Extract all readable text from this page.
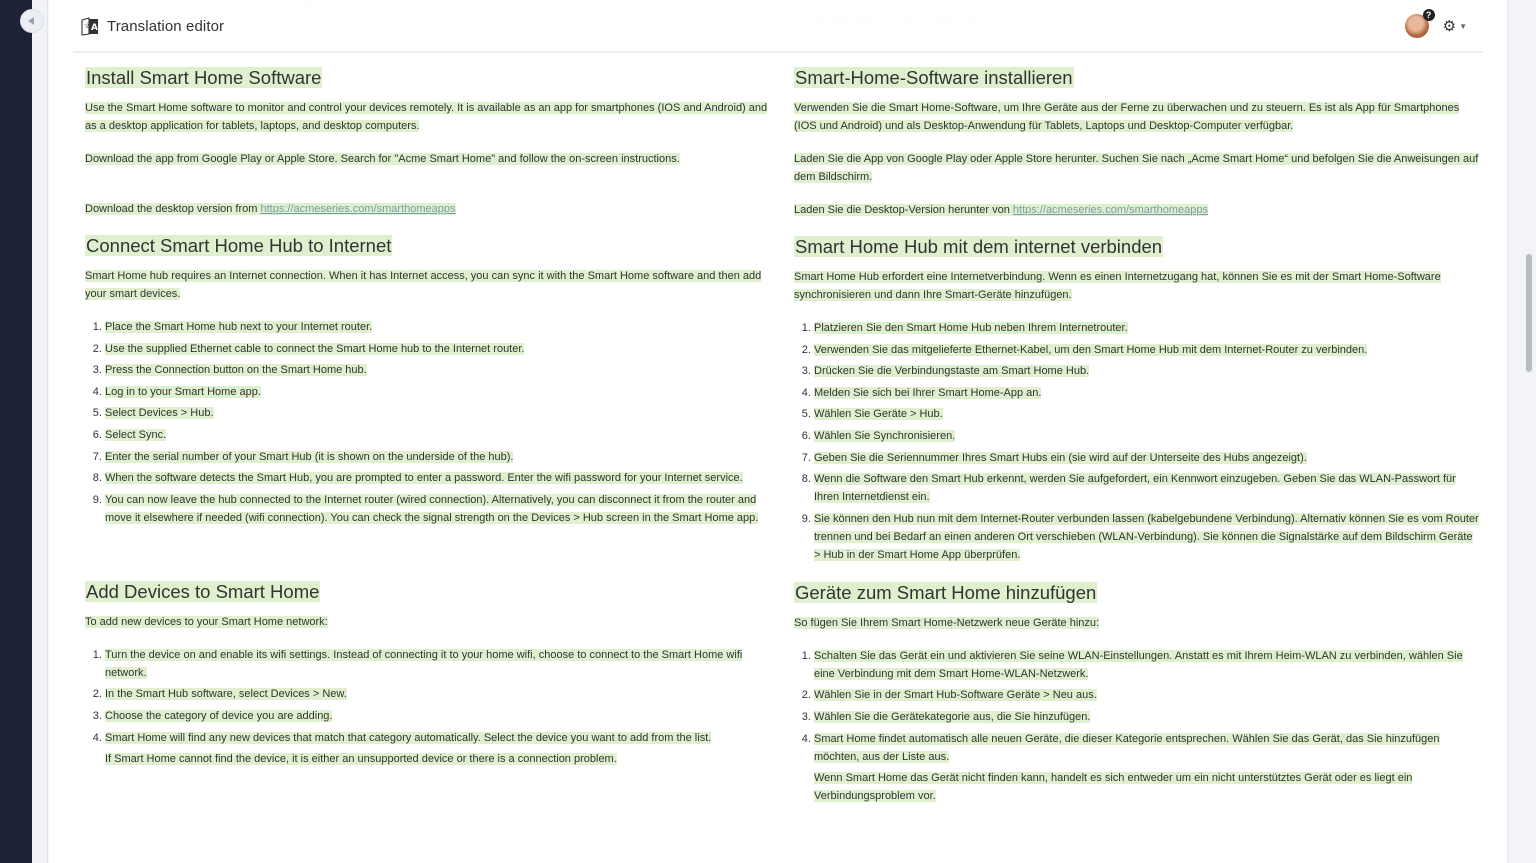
文 A Translation editor
?
⚙ ▼
Install Smart Home Software

Use the Smart Home software to monitor and control your devices remotely. It is available as an app for smartphones (IOS and Android) and as a desktop application for tablets, laptops, and desktop computers.

Download the app from Google Play or Apple Store. Search for "Acme Smart Home" and follow the on-screen instructions.

Download the desktop version from https://acmeseries.com/smarthomeapps

Connect Smart Home Hub to Internet

Smart Home hub requires an Internet connection. When it has Internet access, you can sync it with the Smart Home software and then add your smart devices.

1. Place the Smart Home hub next to your Internet router.
2. Use the supplied Ethernet cable to connect the Smart Home hub to the Internet router.
3. Press the Connection button on the Smart Home hub.
4. Log in to your Smart Home app.
5. Select Devices > Hub.
6. Select Sync.
7. Enter the serial number of your Smart Hub (it is shown on the underside of the hub).
8. When the software detects the Smart Hub, you are prompted to enter a password. Enter the wifi password for your Internet service.
9. You can now leave the hub connected to the Internet router (wired connection). Alternatively, you can disconnect it from the router and move it elsewhere if needed (wifi connection). You can check the signal strength on the Devices > Hub screen in the Smart Home app.
Add Devices to Smart Home

To add new devices to your Smart Home network:

1. Turn the device on and enable its wifi settings. Instead of connecting it to your home wifi, choose to connect to the Smart Home wifi network.
2. In the Smart Hub software, select Devices > New.
3. Choose the category of device you are adding.
4. Smart Home will find any new devices that match that category automatically. Select the device you want to add from the list.
If Smart Home cannot find the device, it is either an unsupported device or there is a connection problem.
Smart-Home-Software installieren

Verwenden Sie die Smart Home-Software, um Ihre Geräte aus der Ferne zu überwachen und zu steuern. Es ist als App für Smartphones (IOS und Android) und als Desktop-Anwendung für Tablets, Laptops und Desktop-Computer verfügbar.

Laden Sie die App von Google Play oder Apple Store herunter. Suchen Sie nach „Acme Smart Home“ und befolgen Sie die Anweisungen auf dem Bildschirm.

Laden Sie die Desktop-Version herunter von https://acmeseries.com/smarthomeapps

Smart Home Hub mit dem internet verbinden

Smart Home Hub erfordert eine Internetverbindung. Wenn es einen Internetzugang hat, können Sie es mit der Smart Home-Software synchronisieren und dann Ihre Smart-Geräte hinzufügen.

1. Platzieren Sie den Smart Home Hub neben Ihrem Internetrouter.
2. Verwenden Sie das mitgelieferte Ethernet-Kabel, um den Smart Home Hub mit dem Internet-Router zu verbinden.
3. Drücken Sie die Verbindungstaste am Smart Home Hub.
4. Melden Sie sich bei Ihrer Smart Home-App an.
5. Wählen Sie Geräte > Hub.
6. Wählen Sie Synchronisieren.
7. Geben Sie die Seriennummer Ihres Smart Hubs ein (sie wird auf der Unterseite des Hubs angezeigt).
8. Wenn die Software den Smart Hub erkennt, werden Sie aufgefordert, ein Kennwort einzugeben. Geben Sie das WLAN-Passwort für Ihren Internetdienst ein.
9. Sie können den Hub nun mit dem Internet-Router verbunden lassen (kabelgebundene Verbindung). Alternativ können Sie es vom Router trennen und bei Bedarf an einen anderen Ort verschieben (WLAN-Verbindung). Sie können die Signalstärke auf dem Bildschirm Geräte > Hub in der Smart Home App überprüfen.
Geräte zum Smart Home hinzufügen

So fügen Sie Ihrem Smart Home-Netzwerk neue Geräte hinzu:

1. Schalten Sie das Gerät ein und aktivieren Sie seine WLAN-Einstellungen. Anstatt es mit Ihrem Heim-WLAN zu verbinden, wählen Sie eine Verbindung mit dem Smart Home-WLAN-Netzwerk.
2. Wählen Sie in der Smart Hub-Software Geräte > Neu aus.
3. Wählen Sie die Gerätekategorie aus, die Sie hinzufügen.
4. Smart Home findet automatisch alle neuen Geräte, die dieser Kategorie entsprechen. Wählen Sie das Gerät, das Sie hinzufügen möchten, aus der Liste aus.
Wenn Smart Home das Gerät nicht finden kann, handelt es sich entweder um ein nicht unterstütztes Gerät oder es liegt ein Verbindungsproblem vor.
